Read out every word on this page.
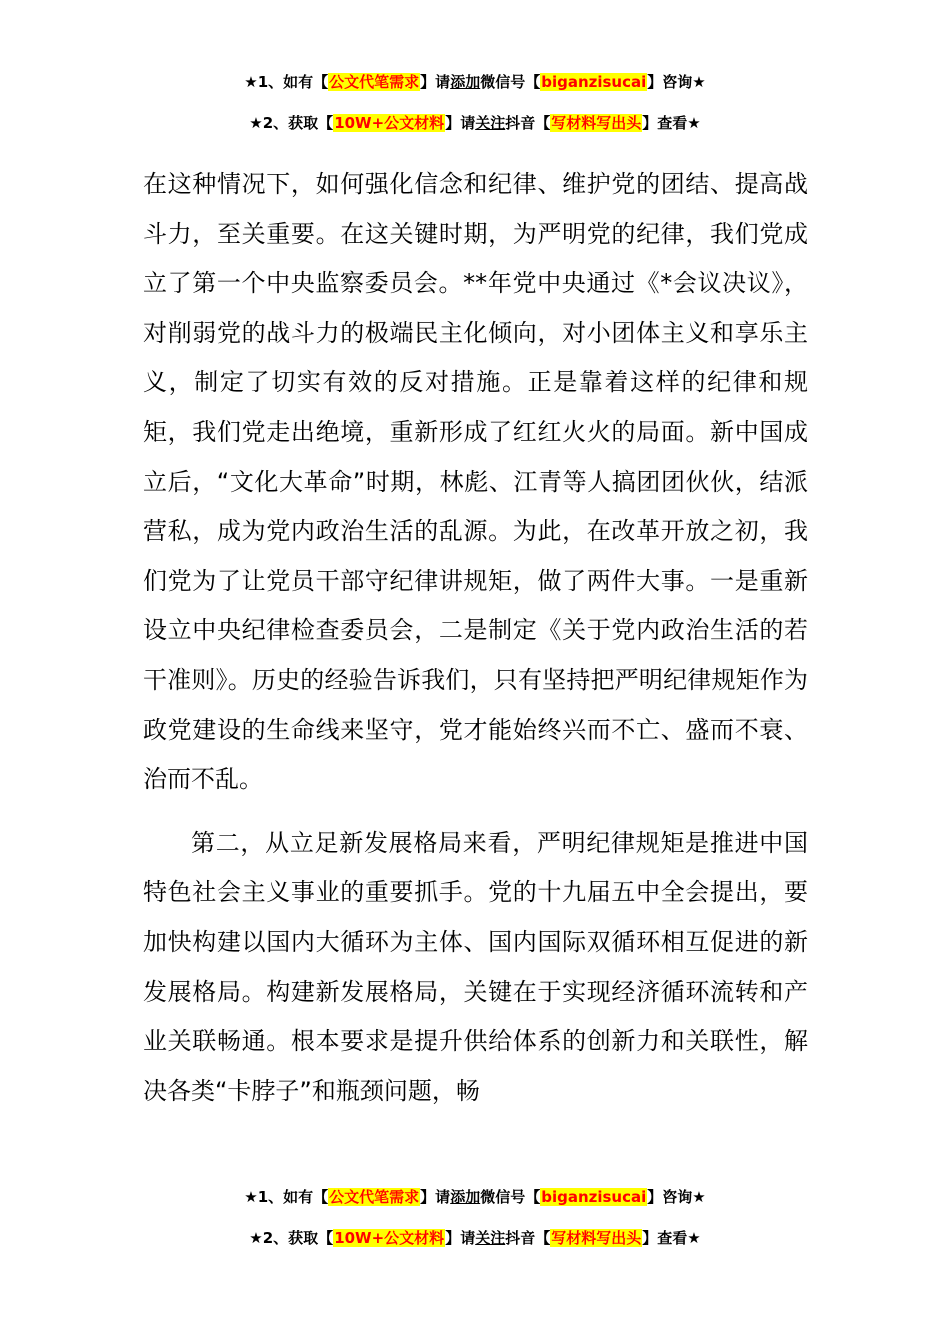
★1、如有【公文代笔需求】请添加微信号【biganzisucai】咨询★
★2、获取【10W+公文材料】请关注抖音【写材料写出头】查看★

在这种情况下，如何强化信念和纪律、维护党的团结、提高战斗力，至关重要。在这关键时期，为严明党的纪律，我们党成立了第一个中央监察委员会。**年党中央通过《*会议决议》，对削弱党的战斗力的极端民主化倾向，对小团体主义和享乐主义，制定了切实有效的反对措施。正是靠着这样的纪律和规矩，我们党走出绝境，重新形成了红红火火的局面。新中国成立后，“文化大革命”时期，林彪、江青等人搞团团伙伙，结派营私，成为党内政治生活的乱源。为此，在改革开放之初，我们党为了让党员干部守纪律讲规矩，做了两件大事。一是重新设立中央纪律检查委员会，二是制定《关于党内政治生活的若干准则》。历史的经验告诉我们，只有坚持把严明纪律规矩作为政党建设的生命线来坚守，党才能始终兴而不亡、盛而不衰、治而不乱。

第二，从立足新发展格局来看，严明纪律规矩是推进中国特色社会主义事业的重要抓手。党的十九届五中全会提出，要加快构建以国内大循环为主体、国内国际双循环相互促进的新发展格局。构建新发展格局，关键在于实现经济循环流转和产业关联畅通。根本要求是提升供给体系的创新力和关联性，解决各类“卡脖子”和瓶颈问题，畅

★1、如有【公文代笔需求】请添加微信号【biganzisucai】咨询★
★2、获取【10W+公文材料】请关注抖音【写材料写出头】查看★
